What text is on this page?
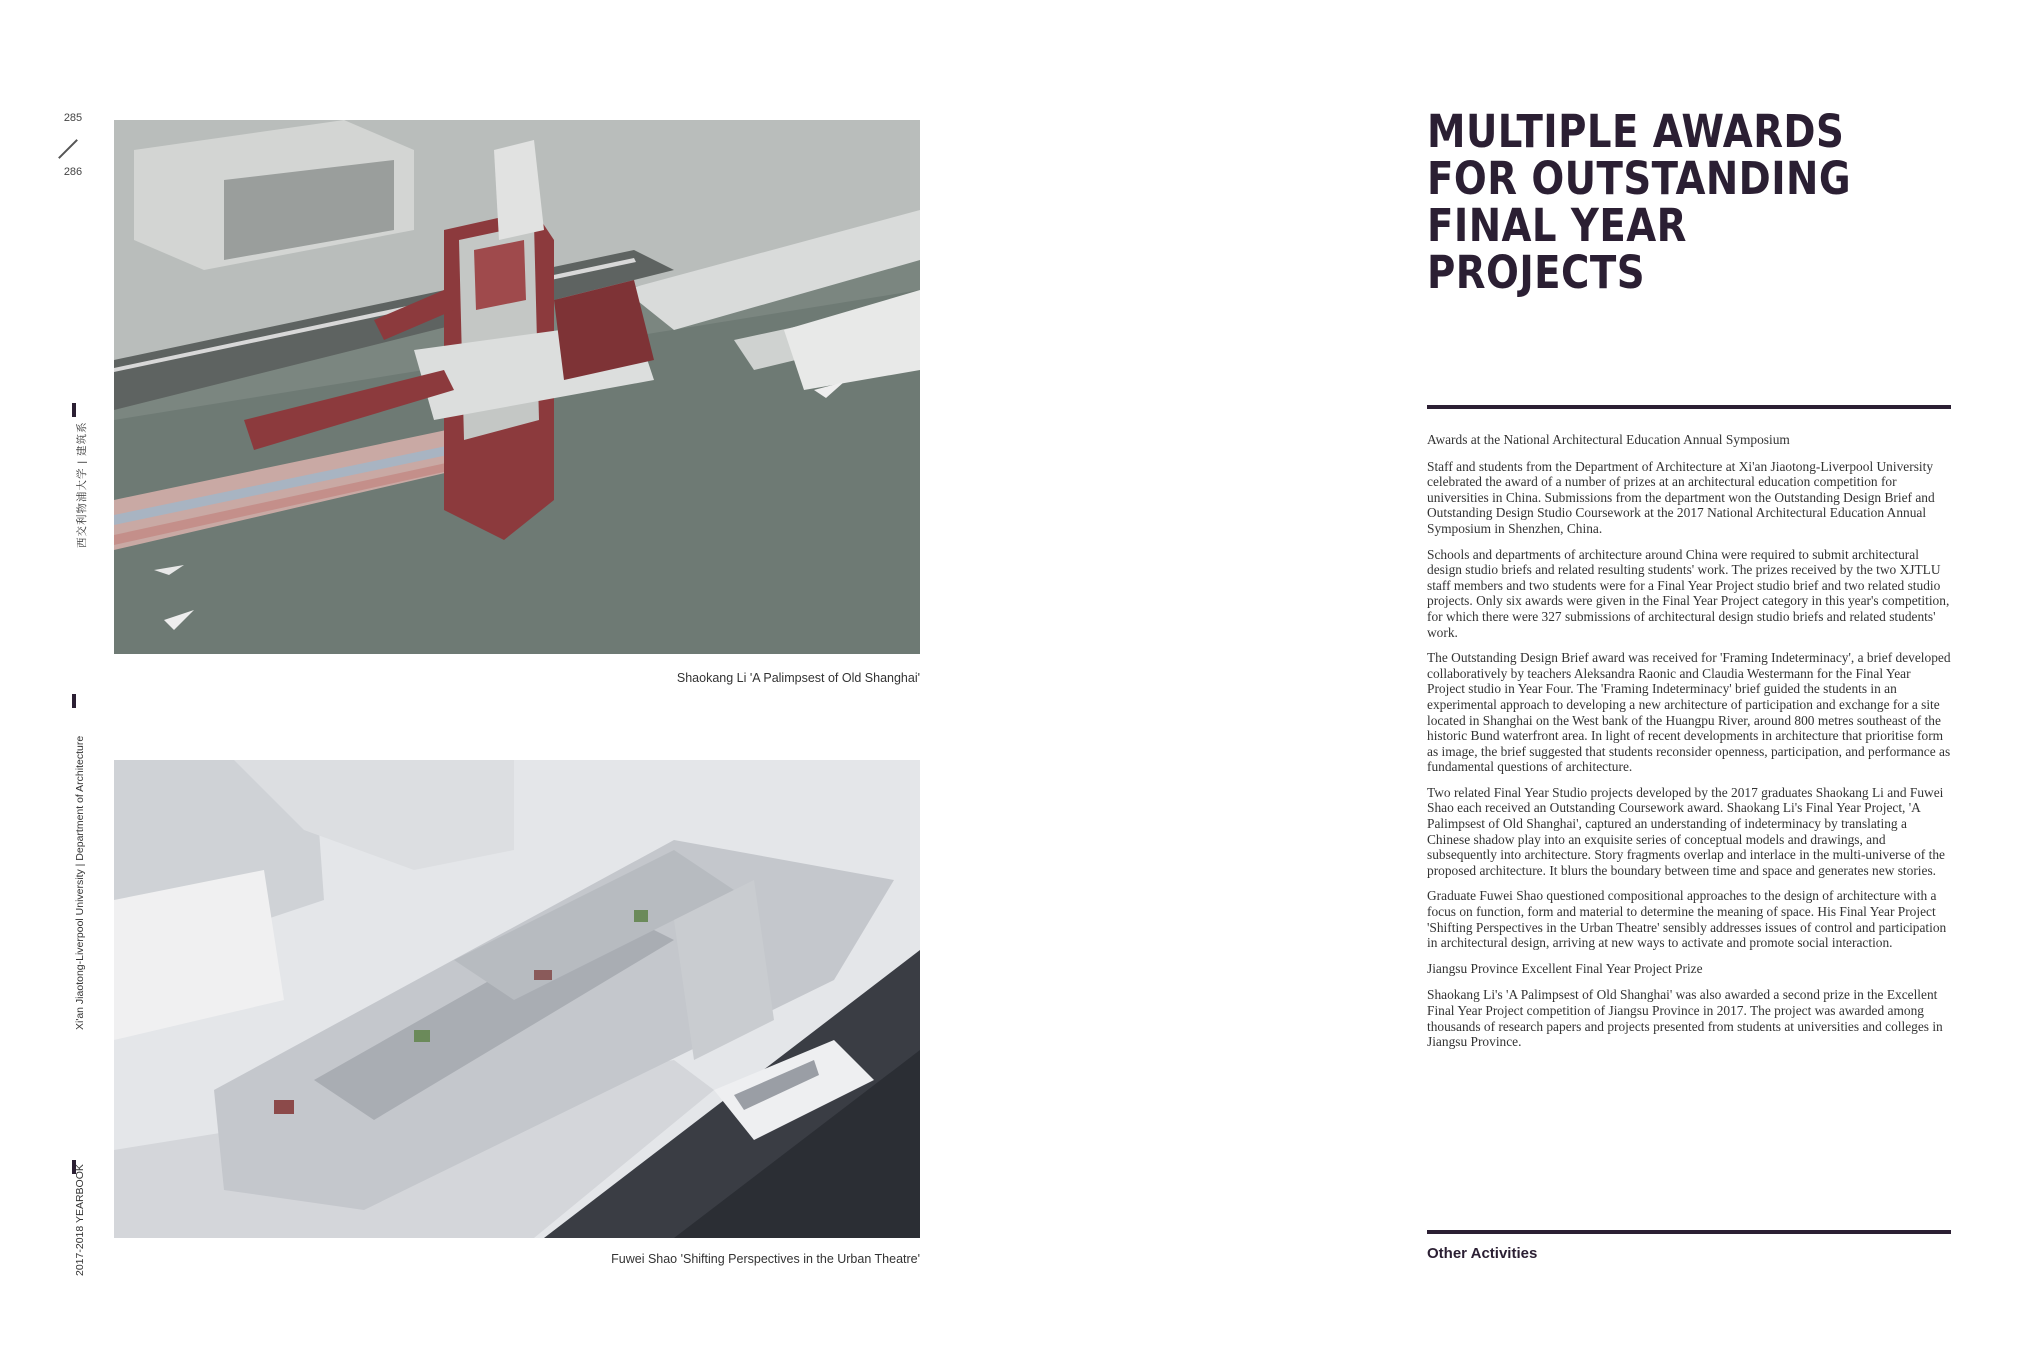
285
286
西交利物浦大学 | 建筑系
Xi'an Jiaotong-Liverpool University | Department of Architecture
2017-2018 YEARBOOK
Shaokang Li 'A Palimpsest of Old Shanghai'
Fuwei Shao 'Shifting Perspectives in the Urban Theatre'
MULTIPLE AWARDS FOR OUTSTANDING FINAL YEAR PROJECTS

Awards at the National Architectural Education Annual Symposium

Staff and students from the Department of Architecture at Xi'an Jiaotong-Liverpool University celebrated the award of a number of prizes at an architectural education competition for universities in China. Submissions from the department won the Outstanding Design Brief and Outstanding Design Studio Coursework at the 2017 National Architectural Education Annual Symposium in Shenzhen, China.

Schools and departments of architecture around China were required to submit architectural design studio briefs and related resulting students' work. The prizes received by the two XJTLU staff members and two students were for a Final Year Project studio brief and two related studio projects. Only six awards were given in the Final Year Project category in this year's competition, for which there were 327 submissions of architectural design studio briefs and related students' work.

The Outstanding Design Brief award was received for 'Framing Indeterminacy', a brief developed collaboratively by teachers Aleksandra Raonic and Claudia Westermann for the Final Year Project studio in Year Four. The 'Framing Indeterminacy' brief guided the students in an experimental approach to developing a new architecture of participation and exchange for a site located in Shanghai on the West bank of the Huangpu River, around 800 metres southeast of the historic Bund waterfront area. In light of recent developments in architecture that prioritise form as image, the brief suggested that students reconsider openness, participation, and performance as fundamental questions of architecture.

Two related Final Year Studio projects developed by the 2017 graduates Shaokang Li and Fuwei Shao each received an Outstanding Coursework award. Shaokang Li's Final Year Project, 'A Palimpsest of Old Shanghai', captured an understanding of indeterminacy by translating a Chinese shadow play into an exquisite series of conceptual models and drawings, and subsequently into architecture. Story fragments overlap and interlace in the multi-universe of the proposed architecture. It blurs the boundary between time and space and generates new stories.

Graduate Fuwei Shao questioned compositional approaches to the design of architecture with a focus on function, form and material to determine the meaning of space. His Final Year Project 'Shifting Perspectives in the Urban Theatre' sensibly addresses issues of control and participation in architectural design, arriving at new ways to activate and promote social interaction.

Jiangsu Province Excellent Final Year Project Prize

Shaokang Li's 'A Palimpsest of Old Shanghai' was also awarded a second prize in the Excellent Final Year Project competition of Jiangsu Province in 2017. The project was awarded among thousands of research papers and projects presented from students at universities and colleges in Jiangsu Province.

Other Activities
